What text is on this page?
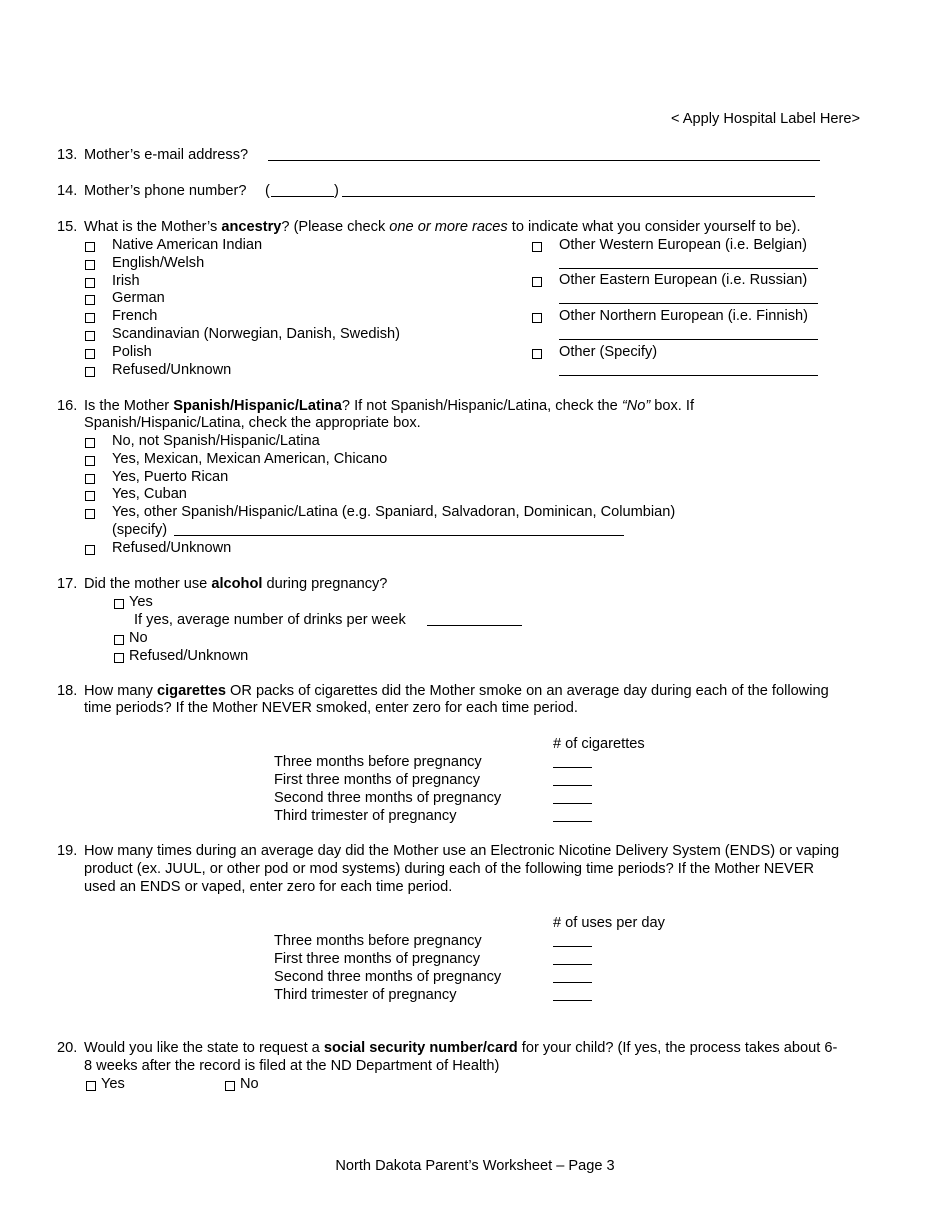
< Apply Hospital Label Here>
13. Mother’s e-mail address?
14. Mother’s phone number? (	)
15. What is the Mother’s ancestry? (Please check one or more races to indicate what you consider yourself to be).
Native American Indian
English/Welsh
Irish
German
French
Scandinavian (Norwegian, Danish, Swedish)
Polish
Refused/Unknown
Other Western European (i.e. Belgian)
Other Eastern European (i.e. Russian)
Other Northern European (i.e. Finnish)
Other (Specify)
16. Is the Mother Spanish/Hispanic/Latina? If not Spanish/Hispanic/Latina, check the “No” box. If
Spanish/Hispanic/Latina, check the appropriate box.
No, not Spanish/Hispanic/Latina
Yes, Mexican, Mexican American, Chicano
Yes, Puerto Rican
Yes, Cuban
Yes, other Spanish/Hispanic/Latina (e.g. Spaniard, Salvadoran, Dominican, Columbian)
(specify)
Refused/Unknown
17. Did the mother use alcohol during pregnancy?
Yes
If yes, average number of drinks per week
No
Refused/Unknown
18. How many cigarettes OR packs of cigarettes did the Mother smoke on an average day during each of the following
time periods? If the Mother NEVER smoked, enter zero for each time period.
# of cigarettes
Three months before pregnancy
First three months of pregnancy
Second three months of pregnancy
Third trimester of pregnancy
19. How many times during an average day did the Mother use an Electronic Nicotine Delivery System (ENDS) or vaping
product (ex. JUUL, or other pod or mod systems) during each of the following time periods? If the Mother NEVER
used an ENDS or vaped, enter zero for each time period.
# of uses per day
Three months before pregnancy
First three months of pregnancy
Second three months of pregnancy
Third trimester of pregnancy
20. Would you like the state to request a social security number/card for your child? (If yes, the process takes about 6-
8 weeks after the record is filed at the ND Department of Health)
Yes	No
North Dakota Parent’s Worksheet – Page 3
